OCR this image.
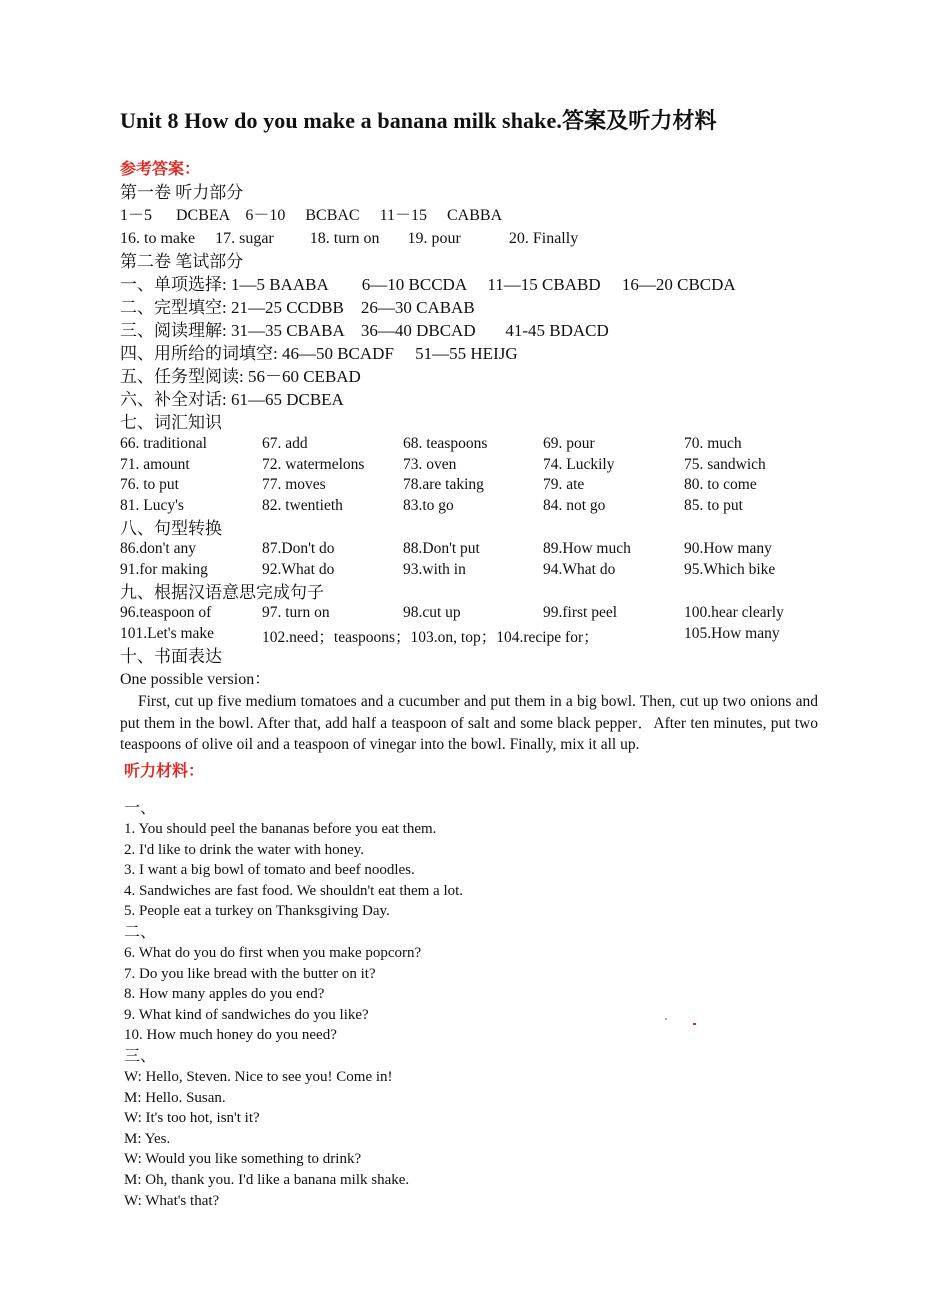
Unit 8 How do you make a banana milk shake.答案及听力材料
参考答案：
第一卷 听力部分
1－5      DCBEA    6－10     BCBAC     11－15     CABBA
16. to make     17. sugar         18. turn on       19. pour            20. Finally
第二卷 笔试部分
一、单项选择: 1—5 BAABA        6—10 BCCDA     11—15 CBABD     16—20 CBCDA
二、完型填空: 21—25 CCDBB    26—30 CABAB
三、阅读理解: 31—35 CBABA    36—40 DBCAD       41-45 BDACD
四、用所给的词填空: 46—50 BCADF     51—55 HEIJG
五、任务型阅读: 56－60 CEBAD
六、补全对话: 61—65 DCBEA
七、词汇知识
66. traditional	67. add	68. teaspoons	69. pour	70. much
71. amount	72. watermelons 73. oven	74. Luckily	75. sandwich
76. to put	77. moves	78.are taking	79. ate	80. to come
81. Lucy's	82. twentieth	83.to go	84. not go	85. to put
八、句型转换
86.don't any	87.Don't do	88.Don't put	89.How much	90.How many
91.for making	92.What do	93.with in	94.What do	95.Which bike
九、根据汉语意思完成句子
96.teaspoon of	97. turn on	98.cut up	99.first peel	100.hear clearly
101.Let's make	102.need；teaspoons；103.on, top；104.recipe for；	105.How many
十、书面表达
One possible version：
First, cut up five medium tomatoes and a cucumber and put them in a big bowl. Then, cut up two onions and put them in the bowl. After that, add half a teaspoon of salt and some black pepper．After ten minutes, put two teaspoons of olive oil and a teaspoon of vinegar into the bowl. Finally, mix it all up.
听力材料：
一、
1. You should peel the bananas before you eat them.
2. I'd like to drink the water with honey.
3. I want a big bowl of tomato and beef noodles.
4. Sandwiches are fast food. We shouldn't eat them a lot.
5. People eat a turkey on Thanksgiving Day.
二、
6. What do you do first when you make popcorn?
7. Do you like bread with the butter on it?
8. How many apples do you end?
9. What kind of sandwiches do you like?
10. How much honey do you need?
三、
W: Hello, Steven. Nice to see you! Come in!
M: Hello. Susan.
W: It's too hot, isn't it?
M: Yes.
W: Would you like something to drink?
M: Oh, thank you. I'd like a banana milk shake.
W: What's that?
